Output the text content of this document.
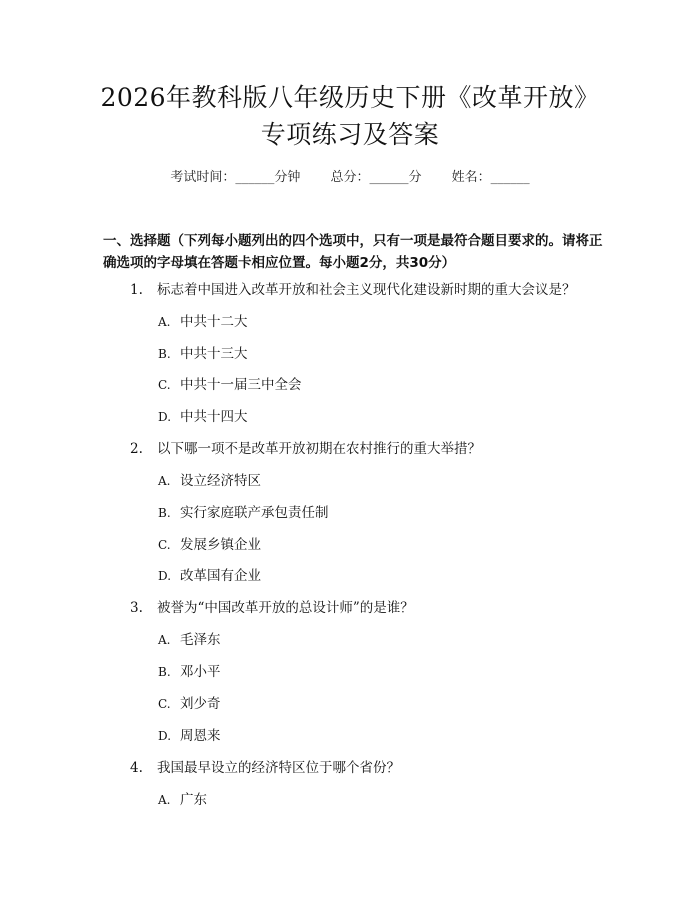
2026年教科版八年级历史下册《改革开放》
专项练习及答案
考试时间：______分钟 总分：______分 姓名：______
一、选择题（下列每小题列出的四个选项中，只有一项是最符合题目要求的。请将正确选项的字母填在答题卡相应位置。每小题2分，共30分）
1. 标志着中国进入改革开放和社会主义现代化建设新时期的重大会议是？
A. 中共十二大
B. 中共十三大
C. 中共十一届三中全会
D. 中共十四大
2. 以下哪一项不是改革开放初期在农村推行的重大举措？
A. 设立经济特区
B. 实行家庭联产承包责任制
C. 发展乡镇企业
D. 改革国有企业
3. 被誉为“中国改革开放的总设计师”的是谁？
A. 毛泽东
B. 邓小平
C. 刘少奇
D. 周恩来
4. 我国最早设立的经济特区位于哪个省份？
A. 广东
